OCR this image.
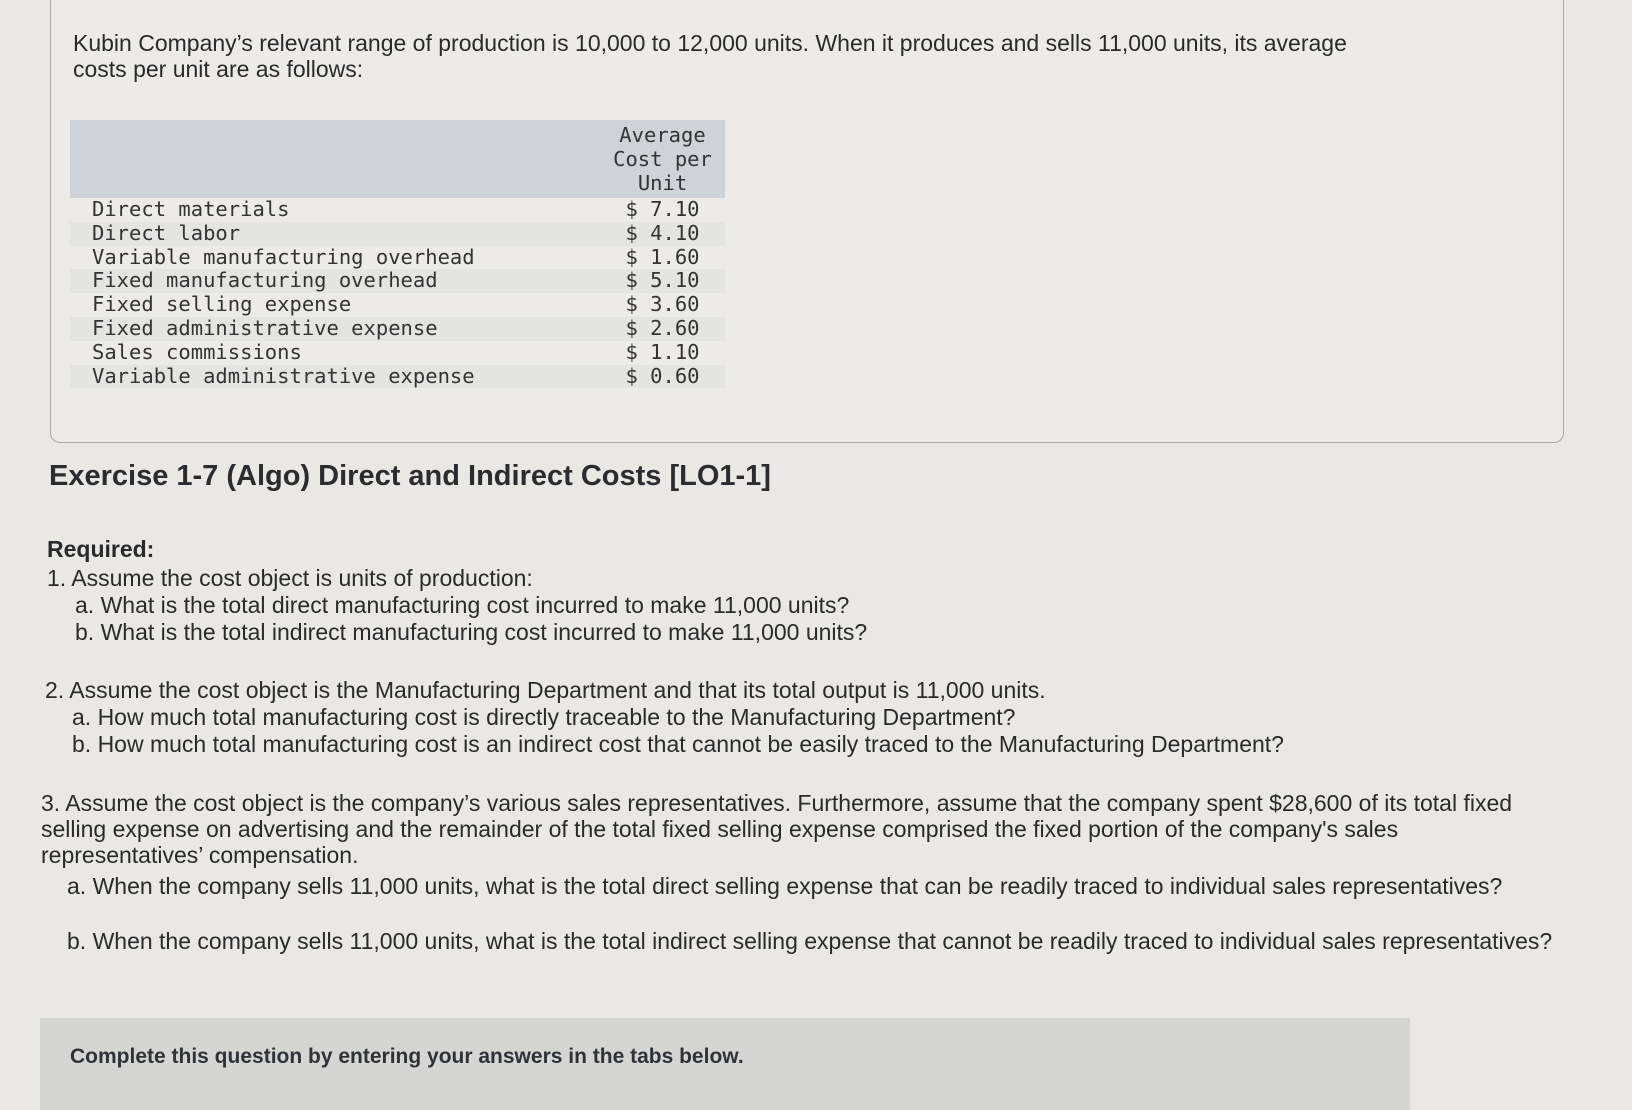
Kubin Company’s relevant range of production is 10,000 to 12,000 units. When it produces and sells 11,000 units, its average costs per unit are as follows:
Average
Cost per
Unit
Direct materials	$ 7.10
Direct labor	$ 4.10
Variable manufacturing overhead	$ 1.60
Fixed manufacturing overhead	$ 5.10
Fixed selling expense	$ 3.60
Fixed administrative expense	$ 2.60
Sales commissions	$ 1.10
Variable administrative expense	$ 0.60
Exercise 1-7 (Algo) Direct and Indirect Costs [LO1-1]
Required:
1. Assume the cost object is units of production:
a. What is the total direct manufacturing cost incurred to make 11,000 units?
b. What is the total indirect manufacturing cost incurred to make 11,000 units?
2. Assume the cost object is the Manufacturing Department and that its total output is 11,000 units.
a. How much total manufacturing cost is directly traceable to the Manufacturing Department?
b. How much total manufacturing cost is an indirect cost that cannot be easily traced to the Manufacturing Department?
3. Assume the cost object is the company’s various sales representatives. Furthermore, assume that the company spent $28,600 of its total fixed selling expense on advertising and the remainder of the total fixed selling expense comprised the fixed portion of the company's sales representatives’ compensation.
a. When the company sells 11,000 units, what is the total direct selling expense that can be readily traced to individual sales representatives?
b. When the company sells 11,000 units, what is the total indirect selling expense that cannot be readily traced to individual sales representatives?
Complete this question by entering your answers in the tabs below.
